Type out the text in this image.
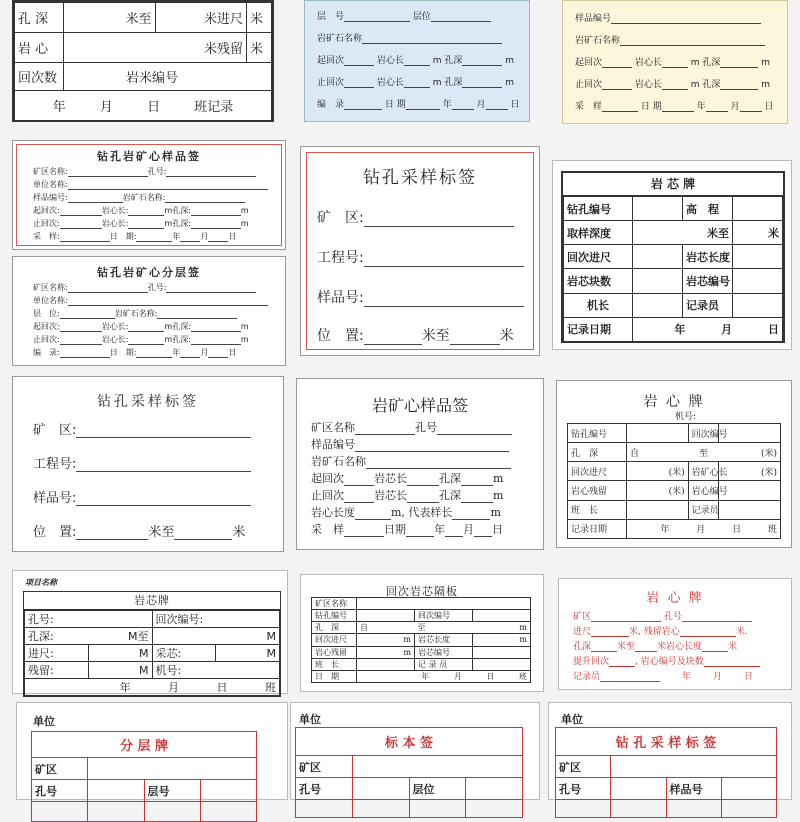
孔 深	米至	米进尺	米
岩 心	米残留		米
回次数	岩米编号		
年 月 日 班记录			
层　号	层位
岩矿石名称
起回次	岩心长	m 孔深	m
止回次	岩心长	m 孔深	m
编　录	日 期	年	月	日
样品编号
岩矿石名称
起回次	岩心长	m 孔深	m
止回次	岩心长	m 孔深	m
采　样	日 期	年	月	日
钻孔岩矿心样品签
矿区名称:	孔号:
单位名称:
样品编号:	岩矿石名称:
起回次:	岩心长:	m孔深:	m
止回次:	岩心长:	m孔深:	m
采　样:	日　期:	年	月	日
钻孔岩矿心分层签
矿区名称:	孔号:
单位名称:
层　位:	岩矿石名称:
起回次:	岩心长:	m孔深:	m
止回次:	岩心长:	m孔深:	m
编　录:	日　期:	年	月	日
钻孔采样标签
矿　区:
工程号:
样品号:
位　置:	米至	米
岩 芯 牌
钻孔编号		高　程	
取样深度	米至		米
回次进尺		岩芯长度	
岩芯块数		岩芯编号	
机长		记录员	
记录日期	年 月 日		
钻孔采样标签
矿　区:
工程号:
样品号:
位　置:	米至	米
岩矿心样品签
矿区名称	孔号
样品编号
岩矿石名称
起回次	岩芯长	孔深	m
止回次	岩芯长	孔深	m
岩心长度	m, 代表样长	m
采　样	日期	年 月 日
岩 心 牌
机号:
钻孔编号			回次编号		
孔　深	自	至			(米)
回次进尺	(米)		岩矿心长	(米)	
岩心残留	(米)		岩心编号		
班　长			记录员		
记录日期	年 月 日 班				
项目名称
岩芯牌
孔号:		回次编号:	
孔深: M至		M	
进尺:	M	采芯:	M
残留:	M	机号:	
年 月 日 班			
回次岩芯隔板
矿区名称			
钻孔编号		回次编号	
孔　深	自	至	m
回次进尺	m	岩芯长度	m
岩心残留	m	岩芯编号	
班　长		记 录 员	
日　期	年 月 日 班		
岩 心 牌
矿区	孔号
进尺	米, 残留岩心	米.
孔深	米至 米岩心长度	米
提升回次	, 岩心编号及块数
记录员	年 月 日
单位
分 层 牌			
矿区			
孔号		层号	

单位
标 本 签			
矿区			
孔号		层位	

单位
钻 孔 采 样 标 签			
矿区			
孔号		样品号	
